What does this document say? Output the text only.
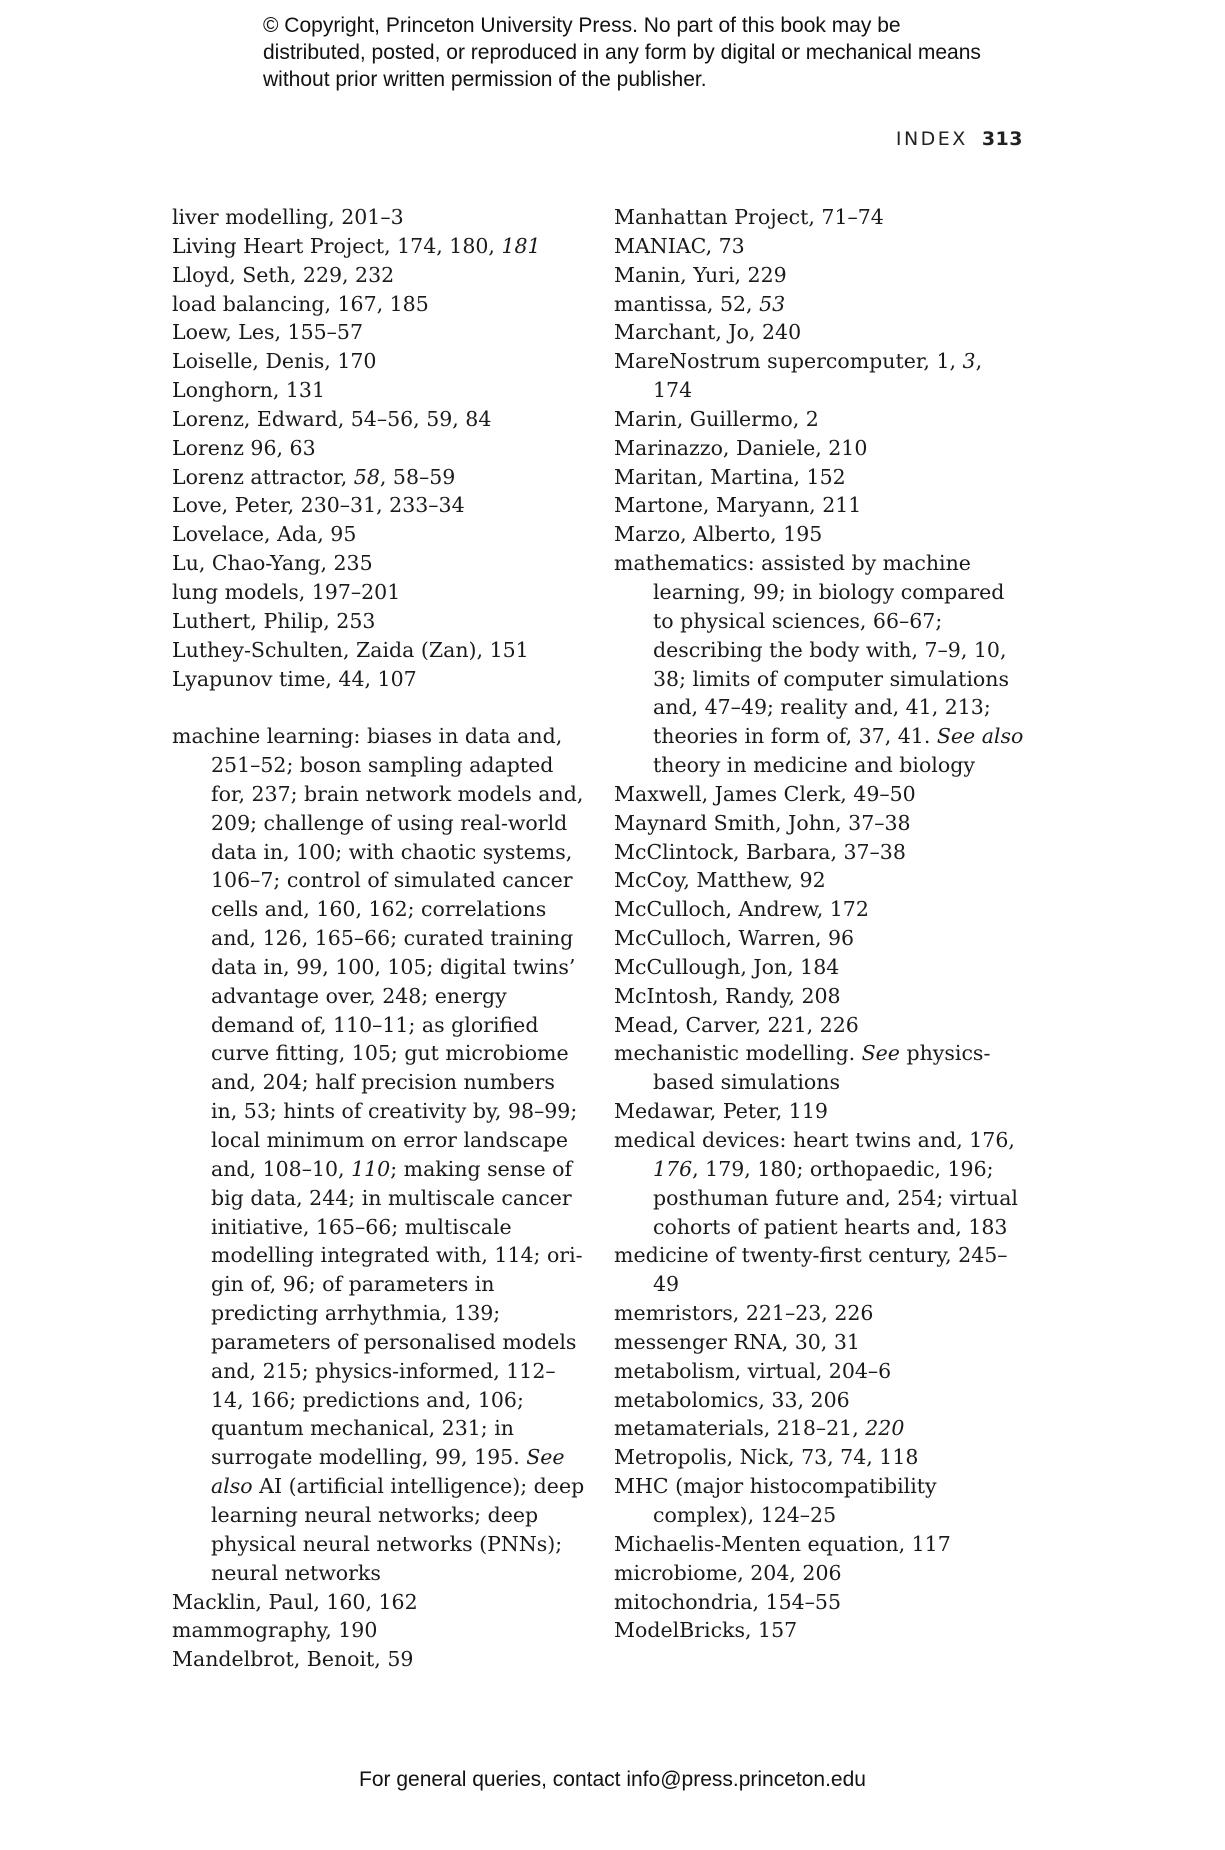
© Copyright, Princeton University Press. No part of this book may be distributed, posted, or reproduced in any form by digital or mechanical means without prior written permission of the publisher.
INDEX 313
liver modelling, 201–3
Living Heart Project, 174, 180, 181
Lloyd, Seth, 229, 232
load balancing, 167, 185
Loew, Les, 155–57
Loiselle, Denis, 170
Longhorn, 131
Lorenz, Edward, 54–56, 59, 84
Lorenz 96, 63
Lorenz attractor, 58, 58–59
Love, Peter, 230–31, 233–34
Lovelace, Ada, 95
Lu, Chao-Yang, 235
lung models, 197–201
Luthert, Philip, 253
Luthey-Schulten, Zaida (Zan), 151
Lyapunov time, 44, 107
machine learning: biases in data and, 251–52; boson sampling adapted for, 237; brain network models and, 209; challenge of using real-world data in, 100; with chaotic systems, 106–7; control of simulated cancer cells and, 160, 162; correlations and, 126, 165–66; curated training data in, 99, 100, 105; digital twins’ advantage over, 248; energy demand of, 110–11; as glorified curve fitting, 105; gut microbiome and, 204; half precision numbers in, 53; hints of creativity by, 98–99; local minimum on error landscape and, 108–10, 110; making sense of big data, 244; in multiscale cancer initiative, 165–66; multiscale modelling integrated with, 114; origin of, 96; of parameters in predicting arrhythmia, 139; parameters of personalised models and, 215; physics-informed, 112–14, 166; predictions and, 106; quantum mechanical, 231; in surrogate modelling, 99, 195. See also AI (artificial intelligence); deep learning neural networks; deep physical neural networks (PNNs); neural networks
Macklin, Paul, 160, 162
mammography, 190
Mandelbrot, Benoit, 59
Manhattan Project, 71–74
MANIAC, 73
Manin, Yuri, 229
mantissa, 52, 53
Marchant, Jo, 240
MareNostrum supercomputer, 1, 3, 174
Marin, Guillermo, 2
Marinazzo, Daniele, 210
Maritan, Martina, 152
Martone, Maryann, 211
Marzo, Alberto, 195
mathematics: assisted by machine learning, 99; in biology compared to physical sciences, 66–67; describing the body with, 7–9, 10, 38; limits of computer simulations and, 47–49; reality and, 41, 213; theories in form of, 37, 41. See also theory in medicine and biology
Maxwell, James Clerk, 49–50
Maynard Smith, John, 37–38
McClintock, Barbara, 37–38
McCoy, Matthew, 92
McCulloch, Andrew, 172
McCulloch, Warren, 96
McCullough, Jon, 184
McIntosh, Randy, 208
Mead, Carver, 221, 226
mechanistic modelling. See physics-based simulations
Medawar, Peter, 119
medical devices: heart twins and, 176, 176, 179, 180; orthopaedic, 196; posthuman future and, 254; virtual cohorts of patient hearts and, 183
medicine of twenty-first century, 245–49
memristors, 221–23, 226
messenger RNA, 30, 31
metabolism, virtual, 204–6
metabolomics, 33, 206
metamaterials, 218–21, 220
Metropolis, Nick, 73, 74, 118
MHC (major histocompatibility complex), 124–25
Michaelis-Menten equation, 117
microbiome, 204, 206
mitochondria, 154–55
ModelBricks, 157
For general queries, contact info@press.princeton.edu
